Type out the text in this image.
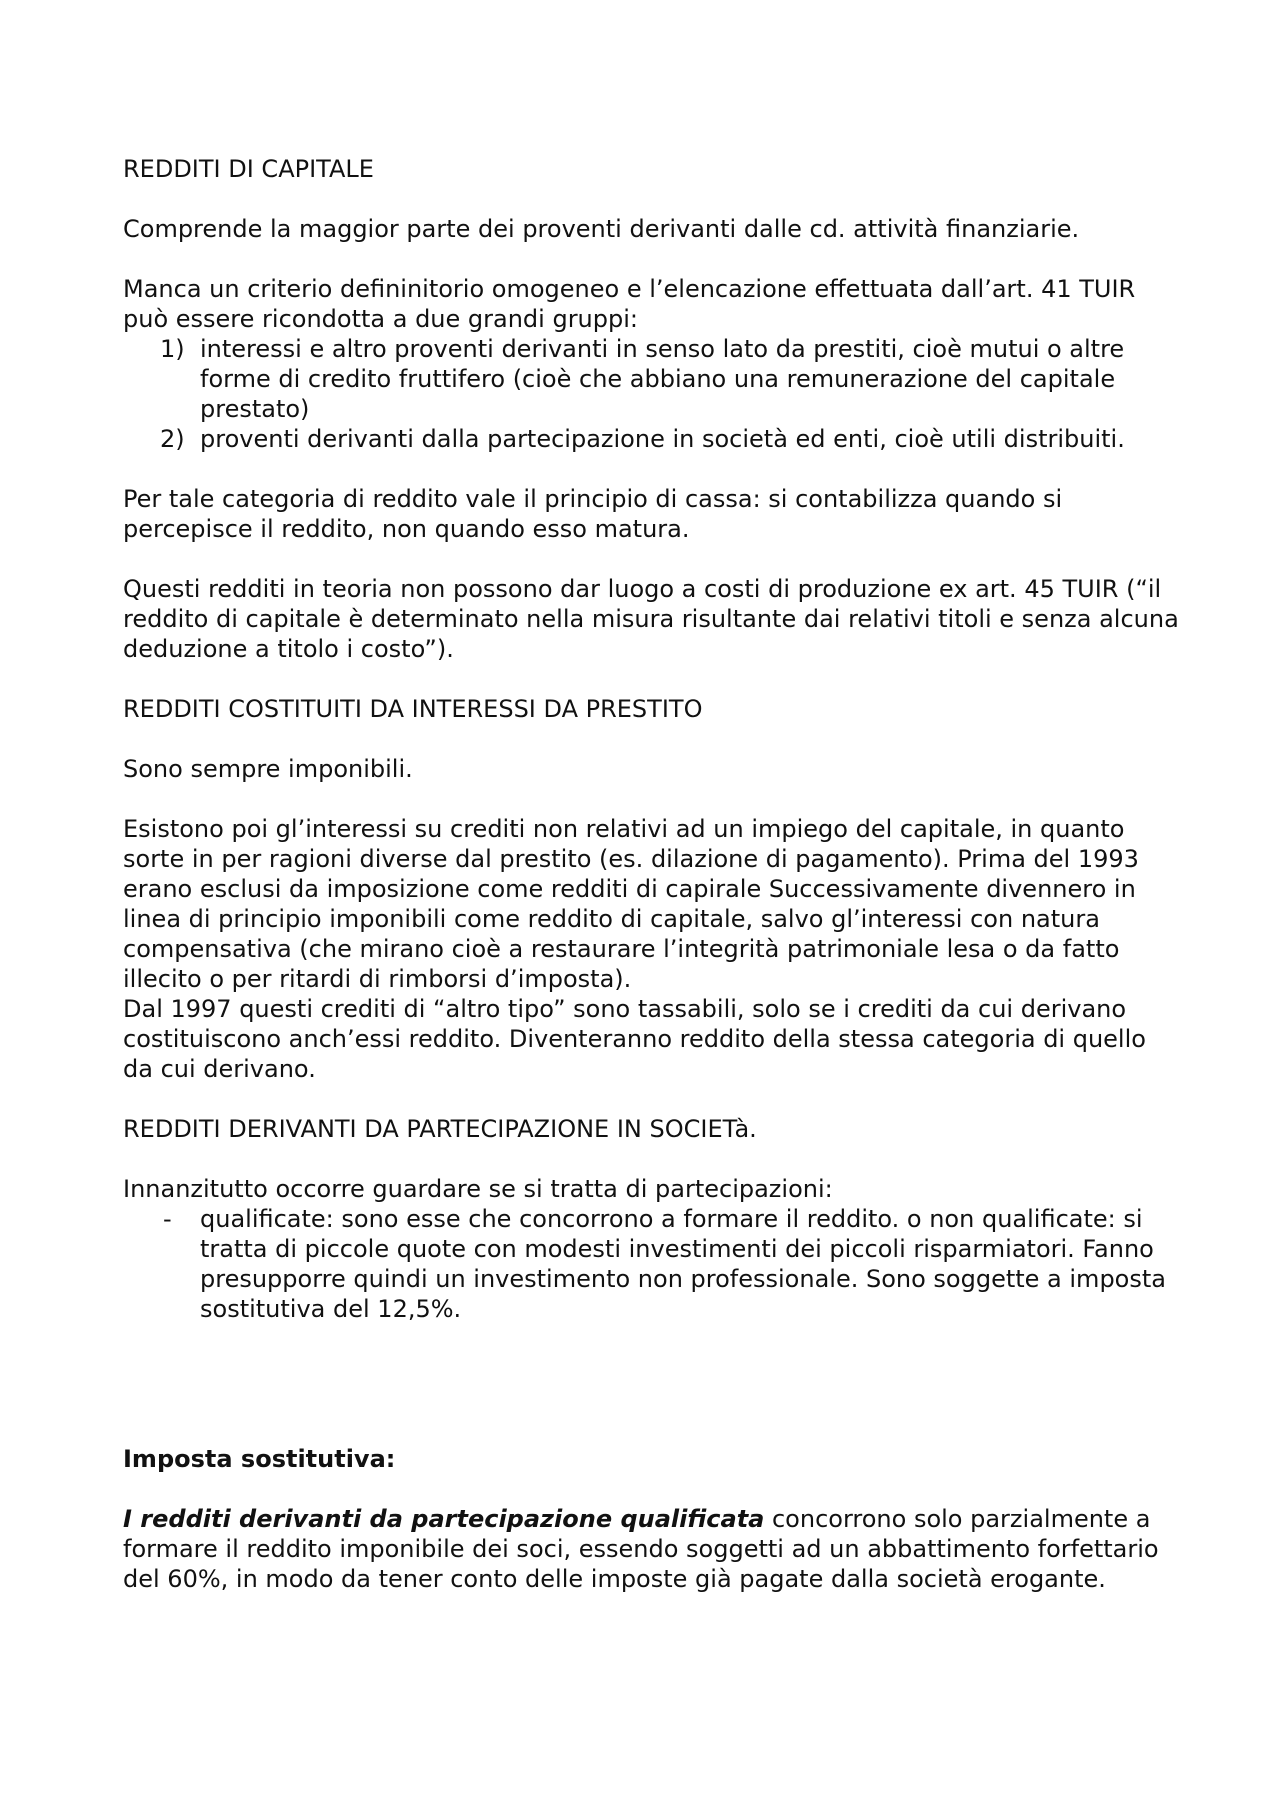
REDDITI DI CAPITALE

Comprende la maggior parte dei proventi derivanti dalle cd. attività finanziarie.

Manca un criterio defininitorio omogeneo e l’elencazione effettuata dall’art. 41 TUIR può essere ricondotta a due grandi gruppi:

1) interessi e altro proventi derivanti in senso lato da prestiti, cioè mutui o altre forme di credito fruttifero (cioè che abbiano una remunerazione del capitale prestato)
2) proventi derivanti dalla partecipazione in società ed enti, cioè utili distribuiti.

Per tale categoria di reddito vale il principio di cassa: si contabilizza quando si percepisce il reddito, non quando esso matura.

Questi redditi in teoria non possono dar luogo a costi di produzione ex art. 45 TUIR (“il reddito di capitale è determinato nella misura risultante dai relativi titoli e senza alcuna deduzione a titolo i costo”).

REDDITI COSTITUITI DA INTERESSI DA PRESTITO

Sono sempre imponibili.

Esistono poi gl’interessi su crediti non relativi ad un impiego del capitale, in quanto sorte in per ragioni diverse dal prestito (es. dilazione di pagamento). Prima del 1993 erano esclusi da imposizione come redditi di capirale Successivamente divennero in linea di principio imponibili come reddito di capitale, salvo gl’interessi con natura compensativa (che mirano cioè a restaurare l’integrità patrimoniale lesa o da fatto illecito o per ritardi di rimborsi d’imposta).

Dal 1997 questi crediti di “altro tipo” sono tassabili, solo se i crediti da cui derivano costituiscono anch’essi reddito. Diventeranno reddito della stessa categoria di quello da cui derivano.

REDDITI DERIVANTI DA PARTECIPAZIONE IN SOCIETà.

Innanzitutto occorre guardare se si tratta di partecipazioni:

- qualificate: sono esse che concorrono a formare il reddito. o non qualificate: si tratta di piccole quote con modesti investimenti dei piccoli risparmiatori. Fanno presupporre quindi un investimento non professionale. Sono soggette a imposta sostitutiva del 12,5%.

Imposta sostitutiva:

I redditi derivanti da partecipazione qualificata concorrono solo parzialmente a formare il reddito imponibile dei soci, essendo soggetti ad un abbattimento forfettario del 60%, in modo da tener conto delle imposte già pagate dalla società erogante.
